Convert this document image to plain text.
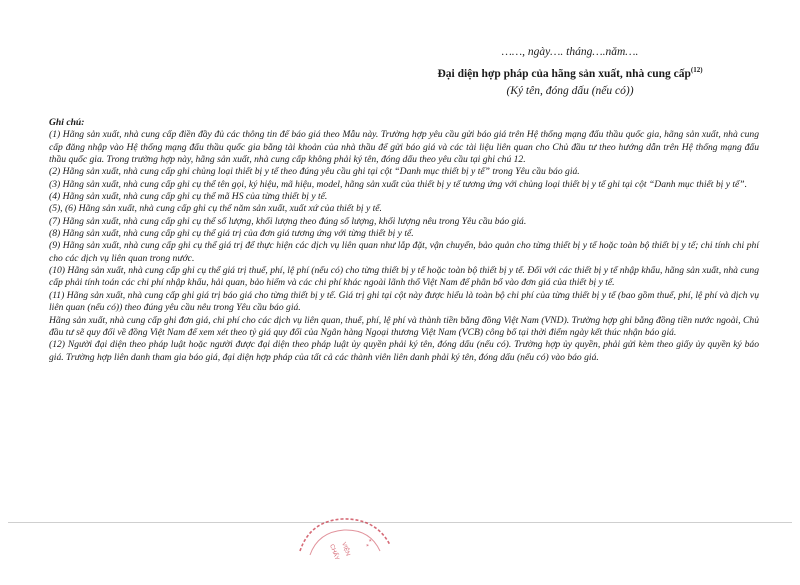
……, ngày…. tháng….năm….
Đại diện hợp pháp của hãng sản xuất, nhà cung cấp$^{(12)}$
(Ký tên, đóng dấu (nếu có))

Ghi chú:

(1) Hãng sản xuất, nhà cung cấp điền đầy đủ các thông tin để báo giá theo Mẫu này. Trường hợp yêu cầu gửi báo giá trên Hệ thống mạng đấu thầu quốc gia, hãng sản xuất, nhà cung cấp đăng nhập vào Hệ thống mạng đấu thầu quốc gia bằng tài khoản của nhà thầu để gửi báo giá và các tài liệu liên quan cho Chủ đầu tư theo hướng dẫn trên Hệ thống mạng đấu thầu quốc gia. Trong trường hợp này, hãng sản xuất, nhà cung cấp không phải ký tên, đóng dấu theo yêu cầu tại ghi chú 12.

(2) Hãng sản xuất, nhà cung cấp ghi chủng loại thiết bị y tế theo đúng yêu cầu ghi tại cột “Danh mục thiết bị y tế” trong Yêu cầu báo giá.

(3) Hãng sản xuất, nhà cung cấp ghi cụ thể tên gọi, ký hiệu, mã hiệu, model, hãng sản xuất của thiết bị y tế tương ứng với chủng loại thiết bị y tế ghi tại cột “Danh mục thiết bị y tế”.

(4) Hãng sản xuất, nhà cung cấp ghi cụ thể mã HS của từng thiết bị y tế.

(5), (6) Hãng sản xuất, nhà cung cấp ghi cụ thể năm sản xuất, xuất xứ của thiết bị y tế.

(7) Hãng sản xuất, nhà cung cấp ghi cụ thể số lượng, khối lượng theo đúng số lượng, khối lượng nêu trong Yêu cầu báo giá.

(8) Hãng sản xuất, nhà cung cấp ghi cụ thể giá trị của đơn giá tương ứng với từng thiết bị y tế.

(9) Hãng sản xuất, nhà cung cấp ghi cụ thể giá trị để thực hiện các dịch vụ liên quan như lắp đặt, vận chuyển, bảo quản cho từng thiết bị y tế hoặc toàn bộ thiết bị y tế; chi tính chi phí cho các dịch vụ liên quan trong nước.

(10) Hãng sản xuất, nhà cung cấp ghi cụ thể giá trị thuế, phí, lệ phí (nếu có) cho từng thiết bị y tế hoặc toàn bộ thiết bị y tế. Đối với các thiết bị y tế nhập khẩu, hãng sản xuất, nhà cung cấp phải tính toán các chi phí nhập khẩu, hải quan, bảo hiểm và các chi phí khác ngoài lãnh thổ Việt Nam để phân bổ vào đơn giá của thiết bị y tế.

(11) Hãng sản xuất, nhà cung cấp ghi giá trị báo giá cho từng thiết bị y tế. Giá trị ghi tại cột này được hiểu là toàn bộ chi phí của từng thiết bị y tế (bao gồm thuế, phí, lệ phí và dịch vụ liên quan (nếu có)) theo đúng yêu cầu nêu trong Yêu cầu báo giá.

Hãng sản xuất, nhà cung cấp ghi đơn giá, chi phí cho các dịch vụ liên quan, thuế, phí, lệ phí và thành tiền bằng đồng Việt Nam (VND). Trường hợp ghi bằng đồng tiền nước ngoài, Chủ đầu tư sẽ quy đổi về đồng Việt Nam để xem xét theo tỷ giá quy đổi của Ngân hàng Ngoại thương Việt Nam (VCB) công bố tại thời điểm ngày kết thúc nhận báo giá.

(12) Người đại diện theo pháp luật hoặc người được đại diện theo pháp luật ủy quyền phải ký tên, đóng dấu (nếu có). Trường hợp ủy quyền, phải gửi kèm theo giấy ủy quyền ký báo giá. Trường hợp liên danh tham gia báo giá, đại diện hợp pháp của tất cả các thành viên liên danh phải ký tên, đóng dấu (nếu có) vào báo giá.

VIỆN
CHẤY
✦ ✦
